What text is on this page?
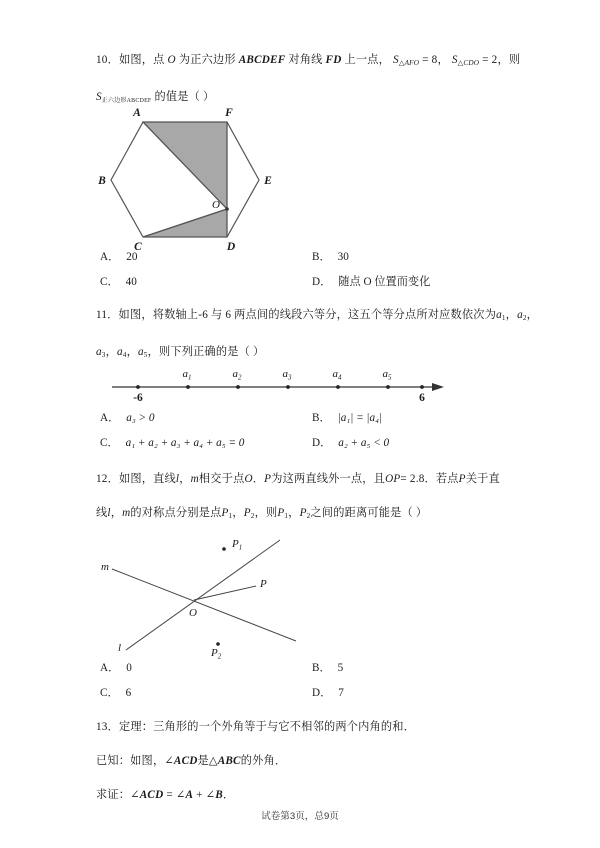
10．如图，点 O 为正六边形 ABCDEF 对角线 FD 上一点， $S_{\triangle AFO} = 8$， $S_{\triangle CDO} = 2$，则
$S_{正六边形ABCDEF}$ 的值是（ ）
A
B
C	D
E
F
O
A． 20	B． 30
C． 40	D． 随点 O 位置而变化
11．如图，将数轴上-6 与 6 两点间的线段六等分，这五个等分点所对应数依次为$a_1$，$a_2$，
$a_3$，$a_4$，$a_5$，则下列正确的是（ ）
-6
$a_1$	$a_2$	$a_3$	$a_4$	$a_5$
6
A． a₃ > 0	B． |a₁| = |a₄|
C． a₁ + a₂ + a₃ + a₄ + a₅ = 0	D． a₂ + a₅ < 0
12．如图，直线l，m相交于点O．P为这两直线外一点，且OP= 2.8．若点P关于直
线l，m的对称点分别是点$P_1$，$P_2$，则$P_1$，$P_2$之间的距离可能是（ ）
$P_1$
P
$P_2$
m
l
O
A． 0	B． 5
C． 6	D． 7
13．定理：三角形的一个外角等于与它不相邻的两个内角的和．
已知：如图，∠ACD是△ABC的外角．
求证：∠ACD = ∠A + ∠B．
试卷第3页，总9页
